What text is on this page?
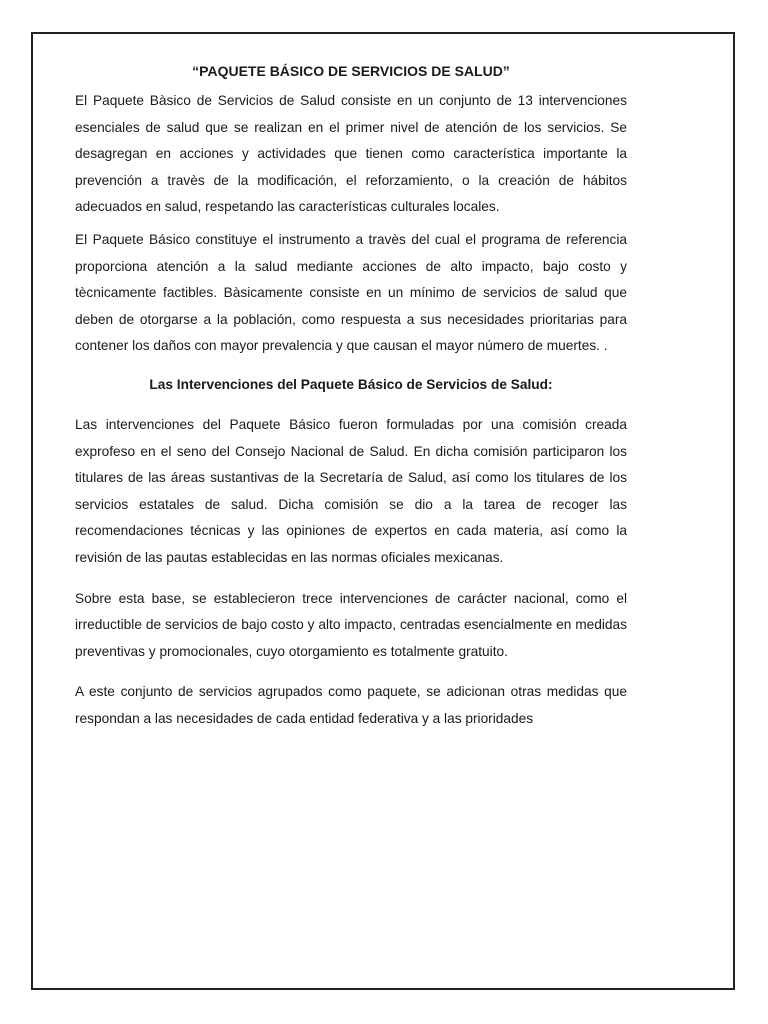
“PAQUETE BÁSICO DE SERVICIOS DE SALUD”

El Paquete Bàsico de Servicios de Salud consiste en un conjunto de 13 intervenciones esenciales de salud que se realizan en el primer nivel de atención de los servicios. Se desagregan en acciones y actividades que tienen como característica importante la prevención a travès de la modificación, el reforzamiento, o la creación de hábitos adecuados en salud, respetando las características culturales locales.

El Paquete Básico constituye el instrumento a travès del cual el programa de referencia proporciona atención a la salud mediante acciones de alto impacto, bajo costo y tècnicamente factibles. Bàsicamente consiste en un mínimo de servicios de salud que deben de otorgarse a la población, como respuesta a sus necesidades prioritarias para contener los daños con mayor prevalencia y que causan el mayor número de muertes. .

Las Intervenciones del Paquete Básico de Servicios de Salud:

Las intervenciones del Paquete Básico fueron formuladas por una comisión creada exprofeso en el seno del Consejo Nacional de Salud. En dicha comisión participaron los titulares de las áreas sustantivas de la Secretaría de Salud, así como los titulares de los servicios estatales de salud. Dicha comisión se dio a la tarea de recoger las recomendaciones técnicas y las opiniones de expertos en cada materia, así como la revisión de las pautas establecidas en las normas oficiales mexicanas.

Sobre esta base, se establecieron trece intervenciones de carácter nacional, como el irreductible de servicios de bajo costo y alto impacto, centradas esencialmente en medidas preventivas y promocionales, cuyo otorgamiento es totalmente gratuito.

A este conjunto de servicios agrupados como paquete, se adicionan otras medidas que respondan a las necesidades de cada entidad federativa y a las prioridades
